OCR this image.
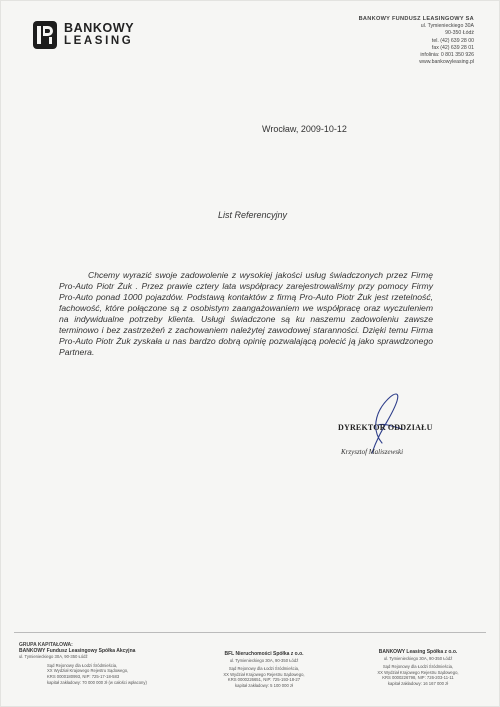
BANKOWY
LEASING
BANKOWY FUNDUSZ LEASINGOWY SA
ul. Tymienieckiego 30A
90-350 Łódź
tel. (42) 639 28 00
fax (42) 639 28 01
infolinia: 0 801 350 926
www.bankowyleasing.pl
Wrocław, 2009-10-12
List Referencyjny
Chcemy wyrazić swoje zadowolenie z wysokiej jakości usług świadczonych przez Firmę Pro-Auto Piotr Żuk . Przez prawie cztery lata współpracy zarejestrowaliśmy przy pomocy Firmy Pro-Auto ponad 1000 pojazdów. Podstawą kontaktów z firmą Pro-Auto Piotr Żuk jest rzetelność, fachowość, które połączone są z osobistym zaangażowaniem we współpracę oraz wyczuleniem na indywidualne potrzeby klienta. Usługi świadczone są ku naszemu zadowoleniu zawsze terminowo i bez zastrzeżeń z zachowaniem należytej zawodowej staranności. Dzięki temu Firma Pro-Auto Piotr Żuk zyskała u nas bardzo dobrą opinię pozwalającą polecić ją jako sprawdzonego Partnera.
DYREKTOR ODDZIAŁU
Krzysztof Maliszewski
GRUPA KAPITAŁOWA:
BANKOWY Fundusz Leasingowy Spółka Akcyjna
ul. Tymienieckiego 30A, 90-350 Łódź
Sąd Rejonowy dla Łodzi Śródmieścia,
XX Wydział Krajowego Rejestru Sądowego,
KRS 0000180993, NIP: 725-17-18-583
kapitał zakładowy: 70 000 000 zł (w całości wpłacony)
BFL Nieruchomości Spółka z o.o.
ul. Tymienieckiego 30A, 90-350 Łódź
Sąd Rejonowy dla Łodzi Śródmieścia,
XX Wydział Krajowego Rejestru Sądowego,
KRS 0000226651, NIP: 725-193-18-27
kapitał zakładowy: 5 100 000 zł
BANKOWY Leasing Spółka z o.o.
ul. Tymienieckiego 30A, 90-350 Łódź
Sąd Rejonowy dla Łodzi Śródmieścia,
XX Wydział Krajowego Rejestru Sądowego,
KRS 0000226798, NIP: 726-203-11-11
kapitał zakładowy: 16 167 000 zł
